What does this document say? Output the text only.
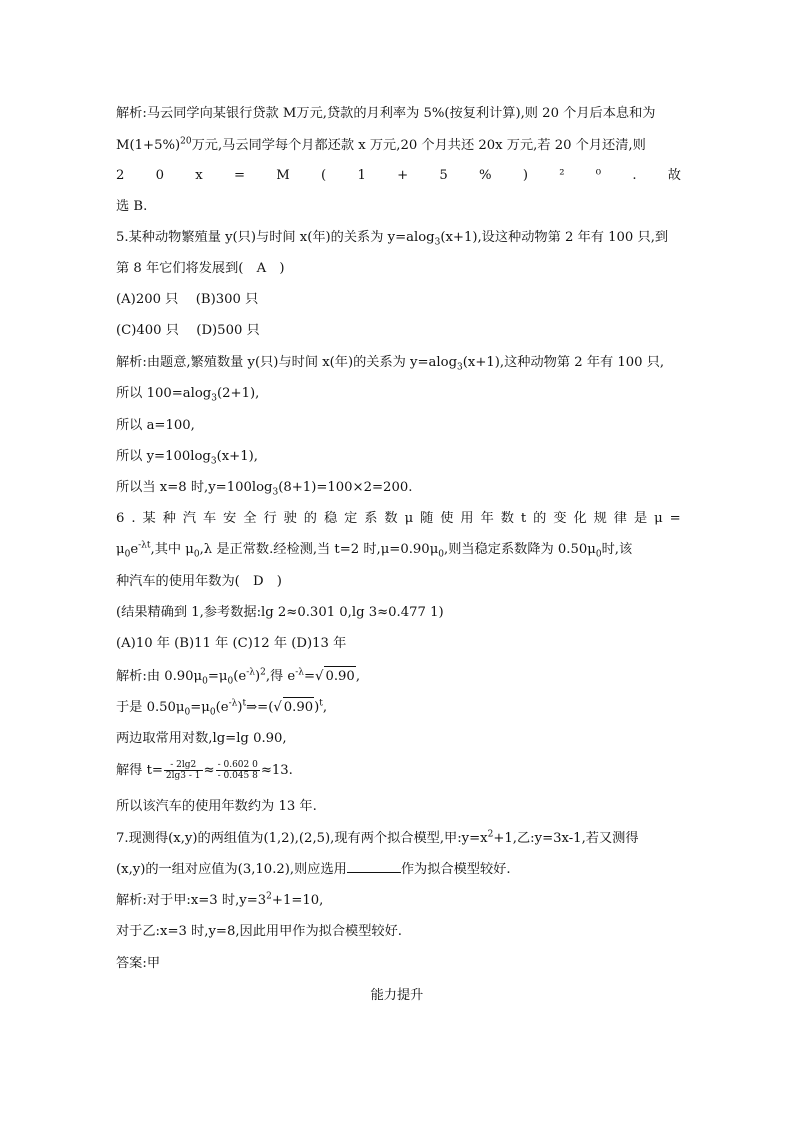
解析:马云同学向某银行贷款 M万元,贷款的月利率为 5%(按复利计算),则 20 个月后本息和为
$M(1+5\%)^{20}$万元,马云同学每个月都还款 x 万元,20 个月共还 20x 万元,若 20 个月还清,则
2 0 x = M ( 1 + 5 % ) ² ⁰ . 故
选 B.
5.某种动物繁殖量 y(只)与时间 x(年)的关系为 y=alog$_3$(x+1),设这种动物第 2 年有 100 只,到
第 8 年它们将发展到(　A　)
(A)200 只　 (B)300 只
(C)400 只　 (D)500 只
解析:由题意,繁殖数量 y(只)与时间 x(年)的关系为 y=alog$_3$(x+1),这种动物第 2 年有 100 只,
所以 100=alog$_3$(2+1),
所以 a=100,
所以 $y=100\log_3(x+1)$,
所以当 x=8 时$,y=100\log_3(8+1)=100\times 2=200$.
6 . 某 种 汽 车 安 全 行 驶 的 稳 定 系 数 μ 随 使 用 年 数 t 的 变 化 规 律 是 μ =
$\mu_0e^{-\lambda t}$,其中 $\mu_0,\lambda$ 是正常数.经检测,当 t=2 时$,\mu=0.90\mu_0$,则当稳定系数降为 $0.50\mu_0$时,该
种汽车的使用年数为(　D　)
(结果精确到 1,参考数据:lg 2≈0.301 0,lg 3≈0.477 1)
(A)10 年 (B)11 年 (C)12 年 (D)13 年
解析:由 $0.90\mu_0=\mu_0(e^{-\lambda})^2$,得 $e^{-\lambda}=√$ 0.90,
于是 $0.50\mu_0=\mu_0(e^{-\lambda})^t\Rightarrow=(√$ 0.90)$^t$,
两边取常用对数,lg=lg 0.90,
解得 $t= \frac{- 2\lg 2}{2\lg 3 - 1} \approx \frac{- 0.602 0}{- 0.045 8} \approx 13$.
所以该汽车的使用年数约为 13 年.
7.现测得(x,y)的两组值为(1,2),(2,5),现有两个拟合模型,甲$:y=x^2+1$,乙:y=3x-1,若又测得
(x,y)的一组对应值为(3,10.2),则应选用	作为拟合模型较好.
解析:对于甲:x=3 时$,y=3^2+1=10$,
对于乙:x=3 时,y=8,因此用甲作为拟合模型较好.
答案:甲
能力提升
